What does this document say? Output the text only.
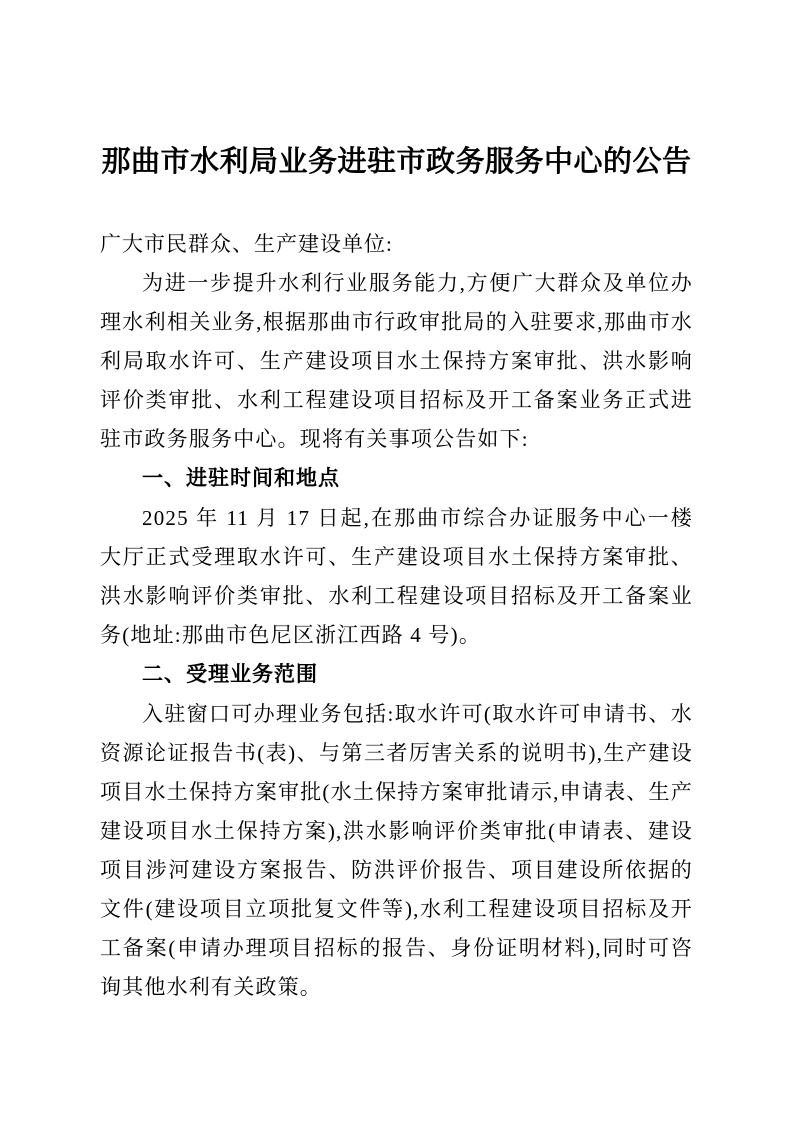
那曲市水利局业务进驻市政务服务中心的公告

广大市民群众、生产建设单位:

为进一步提升水利行业服务能力,方便广大群众及单位办理水利相关业务,根据那曲市行政审批局的入驻要求,那曲市水利局取水许可、生产建设项目水土保持方案审批、洪水影响评价类审批、水利工程建设项目招标及开工备案业务正式进驻市政务服务中心。现将有关事项公告如下:

一、进驻时间和地点

2025 年 11 月 17 日起,在那曲市综合办证服务中心一楼大厅正式受理取水许可、生产建设项目水土保持方案审批、洪水影响评价类审批、水利工程建设项目招标及开工备案业务(地址:那曲市色尼区浙江西路 4 号)。

二、受理业务范围

入驻窗口可办理业务包括:取水许可(取水许可申请书、水资源论证报告书(表)、与第三者厉害关系的说明书),生产建设项目水土保持方案审批(水土保持方案审批请示,申请表、生产建设项目水土保持方案),洪水影响评价类审批(申请表、建设项目涉河建设方案报告、防洪评价报告、项目建设所依据的文件(建设项目立项批复文件等),水利工程建设项目招标及开工备案(申请办理项目招标的报告、身份证明材料),同时可咨询其他水利有关政策。
